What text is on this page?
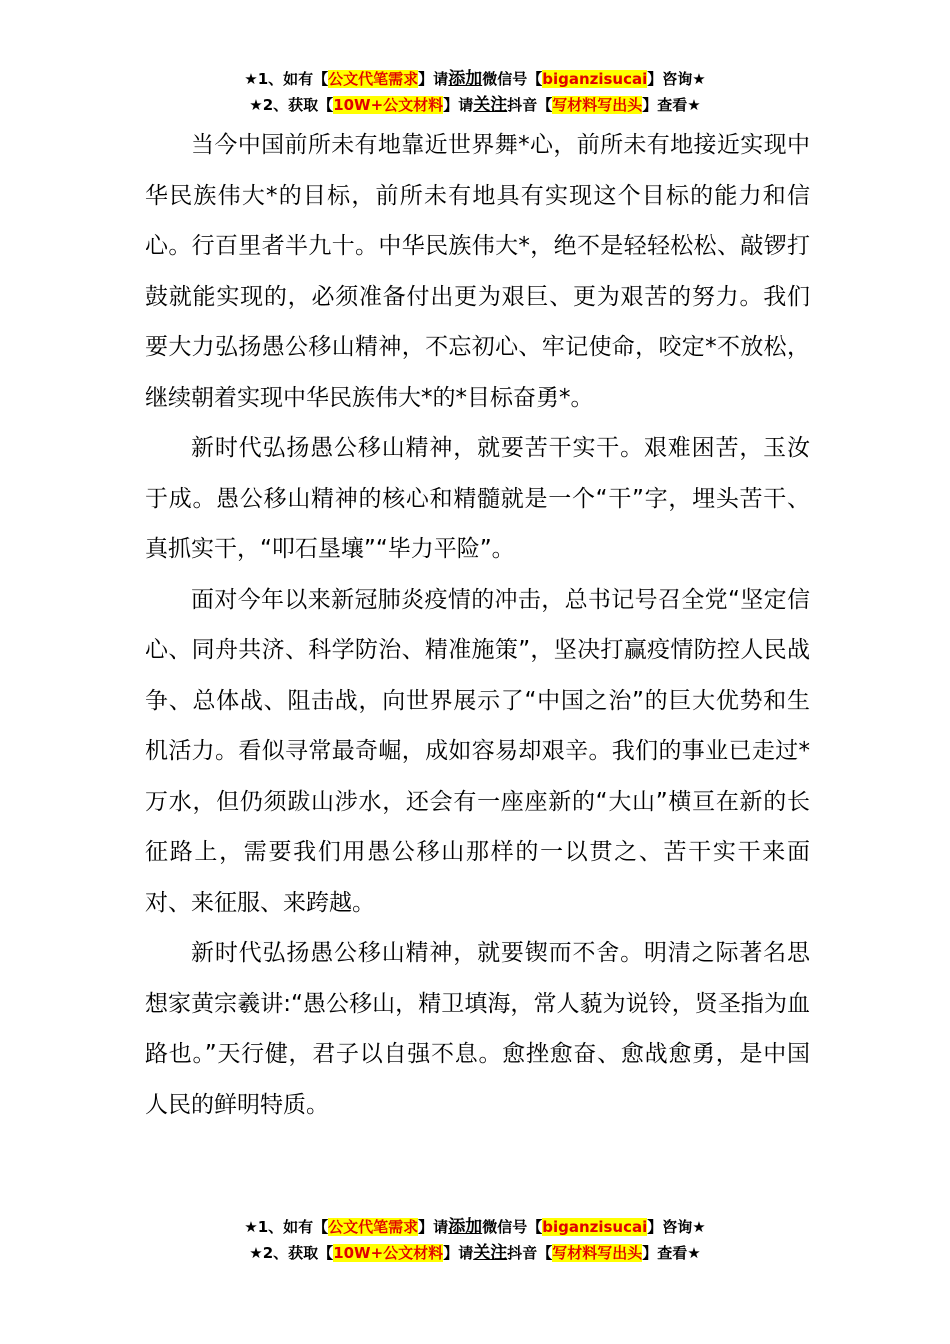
★1、如有【公文代笔需求】请添加微信号【biganzisucai】咨询★
★2、获取【10W+公文材料】请关注抖音【写材料写出头】查看★

当今中国前所未有地靠近世界舞*心，前所未有地接近实现中华民族伟大*的目标，前所未有地具有实现这个目标的能力和信心。行百里者半九十。中华民族伟大*，绝不是轻轻松松、敲锣打鼓就能实现的，必须准备付出更为艰巨、更为艰苦的努力。我们要大力弘扬愚公移山精神，不忘初心、牢记使命，咬定*不放松，继续朝着实现中华民族伟大*的*目标奋勇*。

新时代弘扬愚公移山精神，就要苦干实干。艰难困苦，玉汝于成。愚公移山精神的核心和精髓就是一个“干”字，埋头苦干、真抓实干，“叩石垦壤”“毕力平险”。

面对今年以来新冠肺炎疫情的冲击，总书记号召全党“坚定信心、同舟共济、科学防治、精准施策”，坚决打赢疫情防控人民战争、总体战、阻击战，向世界展示了“中国之治”的巨大优势和生机活力。看似寻常最奇崛，成如容易却艰辛。我们的事业已走过*万水，但仍须跋山涉水，还会有一座座新的“大山”横亘在新的长征路上，需要我们用愚公移山那样的一以贯之、苦干实干来面对、来征服、来跨越。

新时代弘扬愚公移山精神，就要锲而不舍。明清之际著名思想家黄宗羲讲:“愚公移山，精卫填海，常人藐为说铃，贤圣指为血路也。”天行健，君子以自强不息。愈挫愈奋、愈战愈勇，是中国人民的鲜明特质。

★1、如有【公文代笔需求】请添加微信号【biganzisucai】咨询★
★2、获取【10W+公文材料】请关注抖音【写材料写出头】查看★
